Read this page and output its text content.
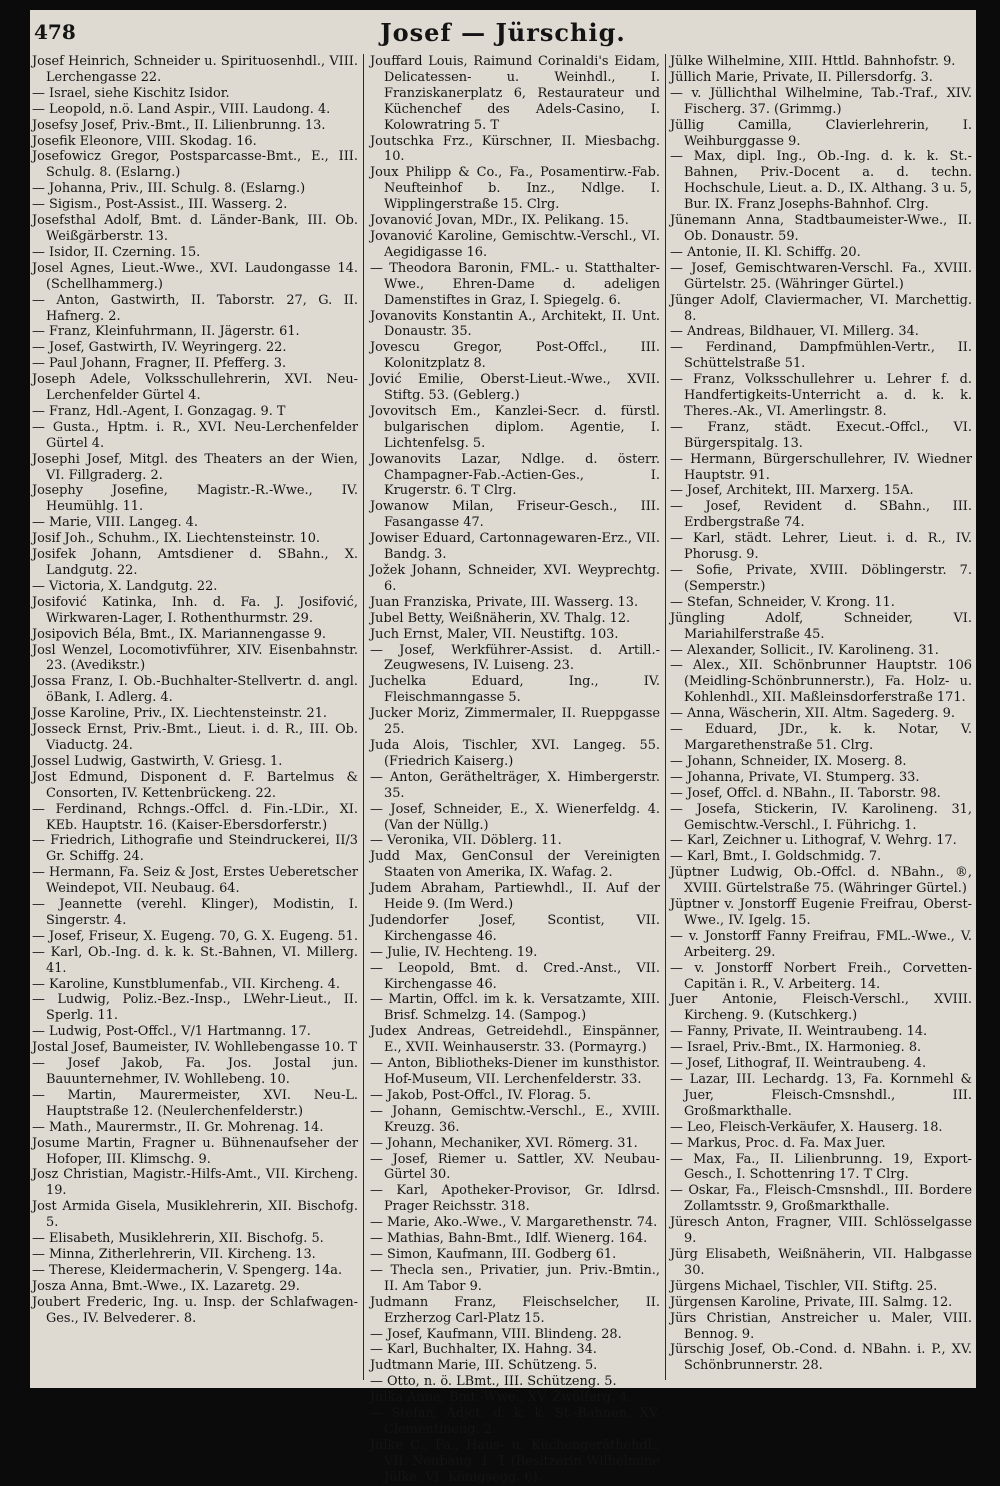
478	Josef — Jürschig.
Josef Heinrich, Schneider u. Spirituosenhdl., VIII. Lerchengasse 22.
— Israel, siehe Kischitz Isidor.
— Leopold, n.ö. Land Aspir., VIII. Laudong. 4.
Josefsy Josef, Priv.-Bmt., II. Lilienbrunng. 13.
Josefik Eleonore, VIII. Skodag. 16.
Josefowicz Gregor, Postsparcasse-Bmt., E., III. Schulg. 8. (Eslarng.)
— Johanna, Priv., III. Schulg. 8. (Eslarng.)
— Sigism., Post-Assist., III. Wasserg. 2.
Josefsthal Adolf, Bmt. d. Länder-Bank, III. Ob. Weißgärberstr. 13.
— Isidor, II. Czerning. 15.
Josel Agnes, Lieut.-Wwe., XVI. Laudongasse 14. (Schellhammerg.)
— Anton, Gastwirth, II. Taborstr. 27, G. II. Hafnerg. 2.
— Franz, Kleinfuhrmann, II. Jägerstr. 61.
— Josef, Gastwirth, IV. Weyringerg. 22.
— Paul Johann, Fragner, II. Pfefferg. 3.
Joseph Adele, Volksschullehrerin, XVI. Neu-Lerchenfelder Gürtel 4.
— Franz, Hdl.-Agent, I. Gonzagag. 9. T
— Gusta., Hptm. i. R., XVI. Neu-Lerchenfelder Gürtel 4.
Josephi Josef, Mitgl. des Theaters an der Wien, VI. Fillgraderg. 2.
Josephy Josefine, Magistr.-R.-Wwe., IV. Heumühlg. 11.
— Marie, VIII. Langeg. 4.
Josif Joh., Schuhm., IX. Liechtensteinstr. 10.
Josifek Johann, Amtsdiener d. SBahn., X. Landgutg. 22.
— Victoria, X. Landgutg. 22.
Josifović Katinka, Inh. d. Fa. J. Josifović, Wirkwaren-Lager, I. Rothenthurmstr. 29.
Josipovich Béla, Bmt., IX. Mariannengasse 9.
Josl Wenzel, Locomotivführer, XIV. Eisenbahnstr. 23. (Avedikstr.)
Jossa Franz, I. Ob.-Buchhalter-Stellvertr. d. angl. öBank, I. Adlerg. 4.
Josse Karoline, Priv., IX. Liechtensteinstr. 21.
Josseck Ernst, Priv.-Bmt., Lieut. i. d. R., III. Ob. Viaductg. 24.
Jossel Ludwig, Gastwirth, V. Griesg. 1.
Jost Edmund, Disponent d. F. Bartelmus & Consorten, IV. Kettenbrückeng. 22.
— Ferdinand, Rchngs.-Offcl. d. Fin.-LDir., XI. KEb. Hauptstr. 16. (Kaiser-Ebersdorferstr.)
— Friedrich, Lithografie und Steindruckerei, II/3 Gr. Schiffg. 24.
— Hermann, Fa. Seiz & Jost, Erstes Ueberetscher Weindepot, VII. Neubaug. 64.
— Jeannette (verehl. Klinger), Modistin, I. Singerstr. 4.
— Josef, Friseur, X. Eugeng. 70, G. X. Eugeng. 51.
— Karl, Ob.-Ing. d. k. k. St.-Bahnen, VI. Millerg. 41.
— Karoline, Kunstblumenfab., VII. Kircheng. 4.
— Ludwig, Poliz.-Bez.-Insp., LWehr-Lieut., II. Sperlg. 11.
— Ludwig, Post-Offcl., V/1 Hartmanng. 17.
Jostal Josef, Baumeister, IV. Wohllebengasse 10. T
— Josef Jakob, Fa. Jos. Jostal jun. Bauunternehmer, IV. Wohllebeng. 10.
— Martin, Maurermeister, XVI. Neu-L. Hauptstraße 12. (Neulerchenfelderstr.)
— Math., Maurermstr., II. Gr. Mohrenag. 14.
Josume Martin, Fragner u. Bühnenaufseher der Hofoper, III. Klimschg. 9.
Josz Christian, Magistr.-Hilfs-Amt., VII. Kircheng. 19.
Jost Armida Gisela, Musiklehrerin, XII. Bischofg. 5.
— Elisabeth, Musiklehrerin, XII. Bischofg. 5.
— Minna, Zitherlehrerin, VII. Kircheng. 13.
— Therese, Kleidermacherin, V. Spengerg. 14a.
Josza Anna, Bmt.-Wwe., IX. Lazaretg. 29.
Joubert Frederic, Ing. u. Insp. der Schlafwagen-Ges., IV. Belvederег. 8.
Jouffard Louis, Raimund Corinaldi's Eidam, Delicatessen- u. Weinhdl., I. Franziskanerplatz 6, Restaurateur und Küchenchef des Adels-Casino, I. Kolowratring 5. T
Joutschka Frz., Kürschner, II. Miesbachg. 10.
Joux Philipp & Co., Fa., Posamentirw.-Fab. Neufteinhof b. Inz., Ndlge. I. Wipplingerstraße 15. Clrg.
Jovanović Jovan, MDr., IX. Pelikang. 15.
Jovanović Karoline, Gemischtw.-Verschl., VI. Aegidigasse 16.
— Theodora Baronin, FML.- u. Statthalter-Wwe., Ehren-Dame d. adeligen Damenstiftes in Graz, I. Spiegelg. 6.
Jovanovits Konstantin A., Architekt, II. Unt. Donaustr. 35.
Jovescu Gregor, Post-Offcl., III. Kolonitzplatz 8.
Jović Emilie, Oberst-Lieut.-Wwe., XVII. Stiftg. 53. (Geblerg.)
Jovovitsch Em., Kanzlei-Secr. d. fürstl. bulgarischen diplom. Agentie, I. Lichtenfelsg. 5.
Jowanovits Lazar, Ndlge. d. österr. Champagner-Fab.-Actien-Ges., I. Krugerstr. 6. T Clrg.
Jowanow Milan, Friseur-Gesch., III. Fasangasse 47.
Jowiser Eduard, Cartonnagewaren-Erz., VII. Bandg. 3.
Jožek Johann, Schneider, XVI. Weyprechtg. 6.
Juan Franziska, Private, III. Wasserg. 13.
Jubel Betty, Weißnäherin, XV. Thalg. 12.
Juch Ernst, Maler, VII. Neustiftg. 103.
— Josef, Werkführer-Assist. d. Artill.-Zeugwesens, IV. Luiseng. 23.
Juchelka Eduard, Ing., IV. Fleischmanngasse 5.
Jucker Moriz, Zimmermaler, II. Rueppgasse 25.
Juda Alois, Tischler, XVI. Langeg. 55. (Friedrich Kaiserg.)
— Anton, Geräthelträger, X. Himbergerstr. 35.
— Josef, Schneider, E., X. Wienerfeldg. 4. (Van der Nüllg.)
— Veronika, VII. Döblerg. 11.
Judd Max, GenConsul der Vereinigten Staaten von Amerika, IX. Wafag. 2.
Judem Abraham, Partiewhdl., II. Auf der Heide 9. (Im Werd.)
Judendorfer Josef, Scontist, VII. Kirchengasse 46.
— Julie, IV. Hechteng. 19.
— Leopold, Bmt. d. Cred.-Anst., VII. Kirchengasse 46.
— Martin, Offcl. im k. k. Versatzamte, XIII. Brisf. Schmelzg. 14. (Sampog.)
Judex Andreas, Getreidehdl., Einspänner, E., XVII. Weinhauserstr. 33. (Pormayrg.)
— Anton, Bibliotheks-Diener im kunsthistor. Hof-Museum, VII. Lerchenfelderstr. 33.
— Jakob, Post-Offcl., IV. Florag. 5.
— Johann, Gemischtw.-Verschl., E., XVIII. Kreuzg. 36.
— Johann, Mechaniker, XVI. Römerg. 31.
— Josef, Riemer u. Sattler, XV. Neubau-Gürtel 30.
— Karl, Apotheker-Provisor, Gr. Idlrsd. Prager Reichsstr. 318.
— Marie, Ako.-Wwe., V. Margarethenstr. 74.
— Mathias, Bahn-Bmt., Idlf. Wienerg. 164.
— Simon, Kaufmann, III. Godberg 61.
— Thecla sen., Privatier, jun. Priv.-Bmtin., II. Am Tabor 9.
Judmann Franz, Fleischselcher, II. Erzherzog Carl-Platz 15.
— Josef, Kaufmann, VIII. Blindeng. 28.
— Karl, Buchhalter, IX. Hahng. 34.
Judtmann Marie, III. Schützeng. 5.
— Otto, n. ö. LBmt., III. Schützeng. 5.
Jülka Anna, Bmt.-Wwe., XV. Zwölferg. 4.
— Stefan, Adjct. d. k. k. St.-Bahnen, XV. Clementineng. 2.
Jülke C., Fa., Haus- u. Küchengeräthehdl., VII. Neubaug. 1. T (Besitzerin Wilhelmine Jülke, VI. Königsegg. 6).
Jülke Wilhelmine, XIII. Httld. Bahnhofstr. 9.
Jüllich Marie, Private, II. Pillersdorfg. 3.
— v. Jüllichthal Wilhelmine, Tab.-Traf., XIV. Fischerg. 37. (Grimmg.)
Jüllig Camilla, Clavierlehrerin, I. Weihburggasse 9.
— Max, dipl. Ing., Ob.-Ing. d. k. k. St.-Bahnen, Priv.-Docent a. d. techn. Hochschule, Lieut. a. D., IX. Althang. 3 u. 5, Bur. IX. Franz Josephs-Bahnhof. Clrg.
Jünemann Anna, Stadtbaumeister-Wwe., II. Ob. Donaustr. 59.
— Antonie, II. Kl. Schiffg. 20.
— Josef, Gemischtwaren-Verschl. Fa., XVIII. Gürtelstr. 25. (Währinger Gürtel.)
Jünger Adolf, Claviermacher, VI. Marchettig. 8.
— Andreas, Bildhauer, VI. Millerg. 34.
— Ferdinand, Dampfmühlen-Vertr., II. Schüttelstraße 51.
— Franz, Volksschullehrer u. Lehrer f. d. Handfertigkeits-Unterricht a. d. k. k. Theres.-Ak., VI. Amerlingstr. 8.
— Franz, städt. Execut.-Offcl., VI. Bürgerspitalg. 13.
— Hermann, Bürgerschullehrer, IV. Wiedner Hauptstr. 91.
— Josef, Architekt, III. Marxerg. 15A.
— Josef, Revident d. SBahn., III. Erdbergstraße 74.
— Karl, städt. Lehrer, Lieut. i. d. R., IV. Phorusg. 9.
— Sofie, Private, XVIII. Döblingerstr. 7. (Semperstr.)
— Stefan, Schneider, V. Krong. 11.
Jüngling Adolf, Schneider, VI. Mariahilferstraße 45.
— Alexander, Sollicit., IV. Karolineng. 31.
— Alex., XII. Schönbrunner Hauptstr. 106 (Meidling-Schönbrunnerstr.), Fa. Holz- u. Kohlenhdl., XII. Maßleinsdorferstraße 171.
— Anna, Wäscherin, XII. Altm. Sagederg. 9.
— Eduard, JDr., k. k. Notar, V. Margarethenstraße 51. Clrg.
— Johann, Schneider, IX. Moserg. 8.
— Johanna, Private, VI. Stumperg. 33.
— Josef, Offcl. d. NBahn., II. Taborstr. 98.
— Josefa, Stickerin, IV. Karolineng. 31, Gemischtw.-Verschl., I. Führichg. 1.
— Karl, Zeichner u. Lithograf, V. Wehrg. 17.
— Karl, Bmt., I. Goldschmidg. 7.
Jüptner Ludwig, Ob.-Offcl. d. NBahn., ®, XVIII. Gürtelstraße 75. (Währinger Gürtel.)
Jüptner v. Jonstorff Eugenie Freifrau, Oberst-Wwe., IV. Igelg. 15.
— v. Jonstorff Fanny Freifrau, FML.-Wwe., V. Arbeiterg. 29.
— v. Jonstorff Norbert Freih., Corvetten-Capitän i. R., V. Arbeiterg. 14.
Juer Antonie, Fleisch-Verschl., XVIII. Kircheng. 9. (Kutschkerg.)
— Fanny, Private, II. Weintraubeng. 14.
— Israel, Priv.-Bmt., IX. Harmonieg. 8.
— Josef, Lithograf, II. Weintraubeng. 4.
— Lazar, III. Lechardg. 13, Fa. Kornmehl & Juer, Fleisch-Cmsnshdl., III. Großmarkthalle.
— Leo, Fleisch-Verkäufer, X. Hauserg. 18.
— Markus, Proc. d. Fa. Max Juer.
— Max, Fa., II. Lilienbrunng. 19, Export-Gesch., I. Schottenring 17. T Clrg.
— Oskar, Fa., Fleisch-Cmsnshdl., III. Bordere Zollamtsstr. 9, Großmarkthalle.
Jüresch Anton, Fragner, VIII. Schlösselgasse 9.
Jürg Elisabeth, Weißnäherin, VII. Halbgasse 30.
Jürgens Michael, Tischler, VII. Stiftg. 25.
Jürgensen Karoline, Private, III. Salmg. 12.
Jürs Christian, Anstreicher u. Maler, VIII. Bennog. 9.
Jürschig Josef, Ob.-Cond. d. NBahn. i. P., XV. Schönbrunnerstr. 28.
